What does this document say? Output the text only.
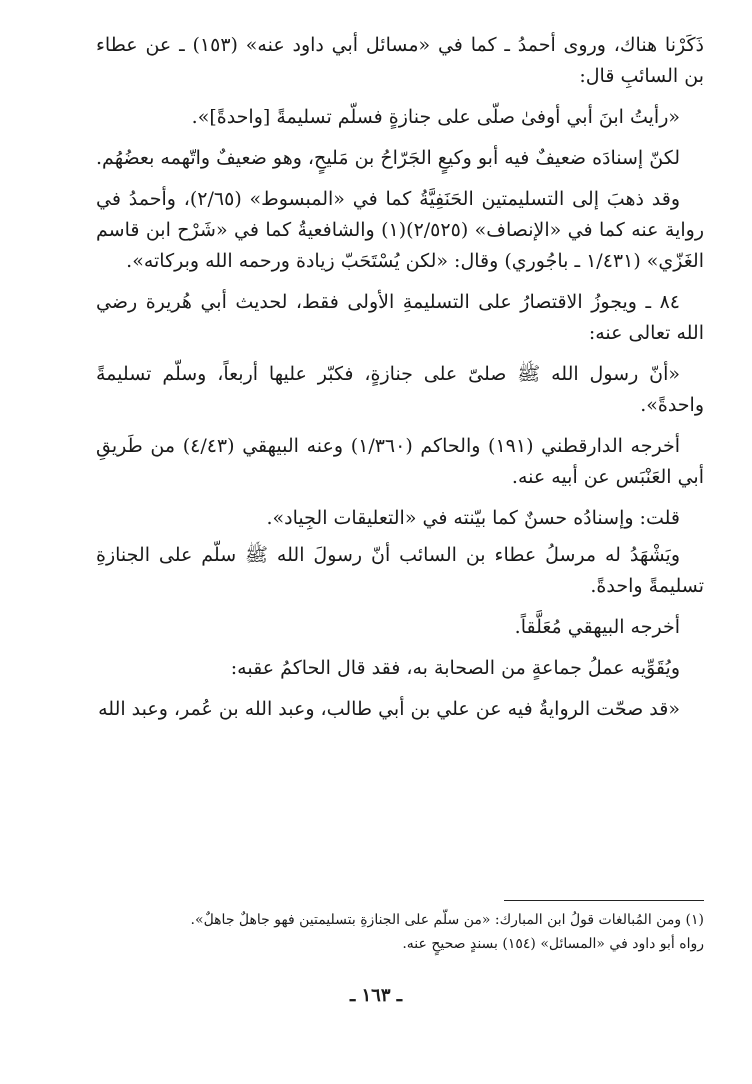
ذَكَرْنا هناك، وروى أحمدُ ـ كما في «مسائل أبي داود عنه» (١٥٣) ـ عن عطاء بن السائبِ قال:

«رأيتُ ابنَ أبي أوفىٰ صلّى على جنازةٍ فسلّم تسليمةً [واحدةً]».

لكنّ إسنادَه ضعيفٌ فيه أبو وكيعٍ الجَرّاحُ بن مَليحٍ، وهو ضعيفٌ واتّهمه بعضُهُم.

وقد ذهبَ إلى التسليمتين الحَنَفِيَّةُ كما في «المبسوط» (٢/٦٥)، وأحمدُ في رواية عنه كما في «الإنصاف» (٢/٥٢٥)(١) والشافعيةُ كما في «شَرْح ابن قاسم الغَزّي» (١/٤٣١ ـ باجُوري) وقال: «لكن يُسْتَحَبّ زيادة ورحمه الله وبركاته».

٨٤ ـ ويجوزُ الاقتصارُ على التسليمةِ الأولى فقط، لحديث أبي هُريرة رضي الله تعالى عنه:

«أنّ رسول الله ﷺ صلىّ على جنازةٍ، فكبّر عليها أربعاً، وسلّم تسليمةً واحدةً».

أخرجه الدارقطني (١٩١) والحاكم (١/٣٦٠) وعنه البيهقي (٤/٤٣) من طَريقِ أبي العَنْبَس عن أبيه عنه.

قلت: وإسنادُه حسنٌ كما بيّنته في «التعليقات الجِياد».

ويَشْهَدُ له مرسلُ عطاء بن السائب أنّ رسولَ الله ﷺ سلّم على الجنازةِ تسليمةً واحدةً.

أخرجه البيهقي مُعَلَّقاً.

ويُقَوِّيه عملُ جماعةٍ من الصحابة به، فقد قال الحاكمُ عقبه:

«قد صحّت الروايةُ فيه عن علي بن أبي طالب، وعبد الله بن عُمر، وعبد الله

(١) ومن المُبالغات قولُ ابن المبارك: «من سلّم على الجنازةِ بتسليمتين فهو جاهلٌ جاهلٌ».

رواه أبو داود في «المسائل» (١٥٤) بسندٍ صحيحٍ عنه.

ـ ١٦٣ ـ
